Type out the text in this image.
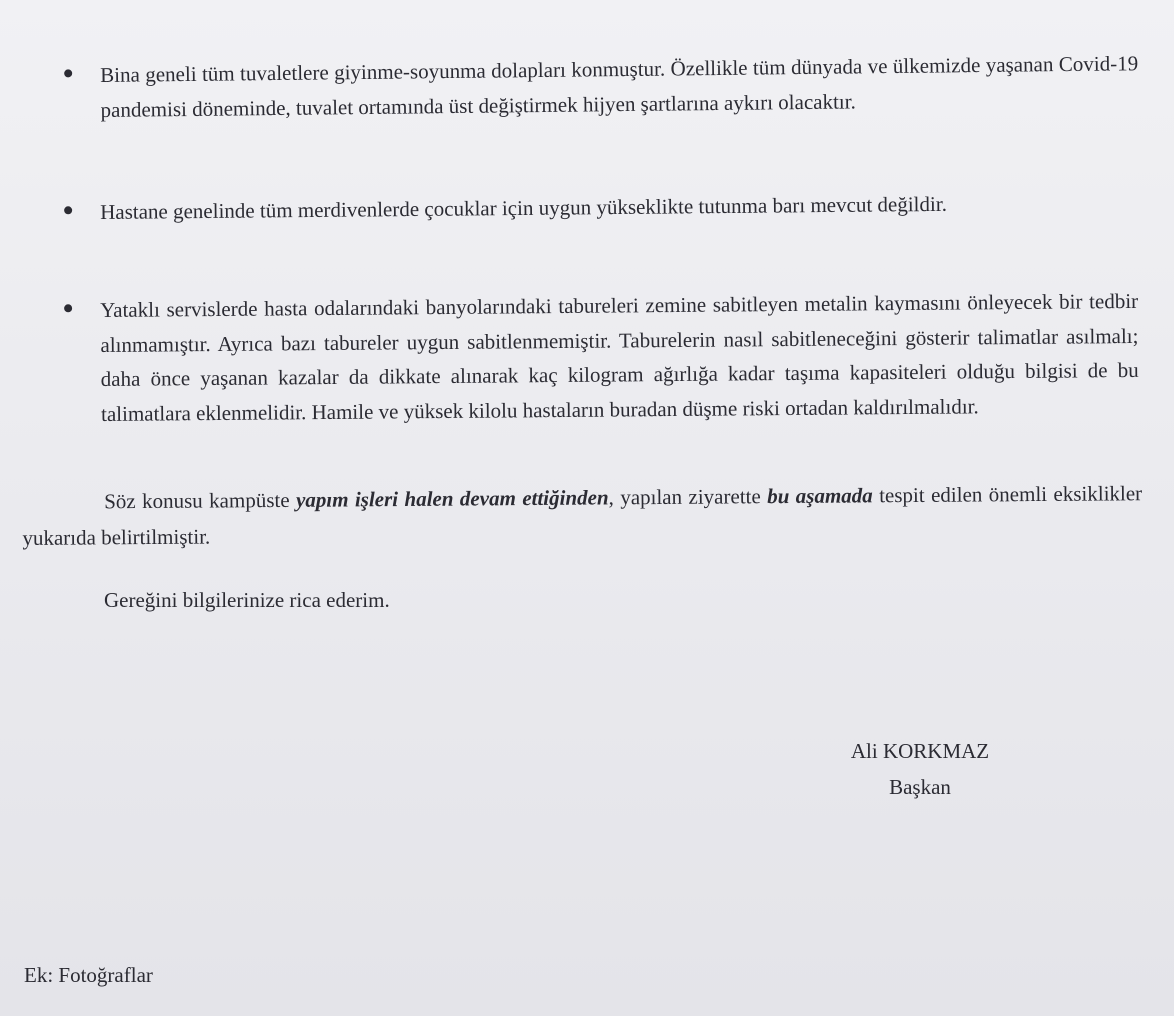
Bina geneli tüm tuvaletlere giyinme-soyunma dolapları konmuştur. Özellikle tüm dünyada ve ülkemizde yaşanan Covid-19 pandemisi döneminde, tuvalet ortamında üst değiştirmek hijyen şartlarına aykırı olacaktır.
Hastane genelinde tüm merdivenlerde çocuklar için uygun yükseklikte tutunma barı mevcut değildir.
Yataklı servislerde hasta odalarındaki banyolarındaki tabureleri zemine sabitleyen metalin kaymasını önleyecek bir tedbir alınmamıştır. Ayrıca bazı tabureler uygun sabitlenmemiştir. Taburelerin nasıl sabitleneceğini gösterir talimatlar asılmalı; daha önce yaşanan kazalar da dikkate alınarak kaç kilogram ağırlığa kadar taşıma kapasiteleri olduğu bilgisi de bu talimatlara eklenmelidir. Hamile ve yüksek kilolu hastaların buradan düşme riski ortadan kaldırılmalıdır.
Söz konusu kampüste yapım işleri halen devam ettiğinden, yapılan ziyarette bu aşamada tespit edilen önemli eksiklikler yukarıda belirtilmiştir.
Gereğini bilgilerinize rica ederim.
Ali KORKMAZ
Başkan
Ek: Fotoğraflar
